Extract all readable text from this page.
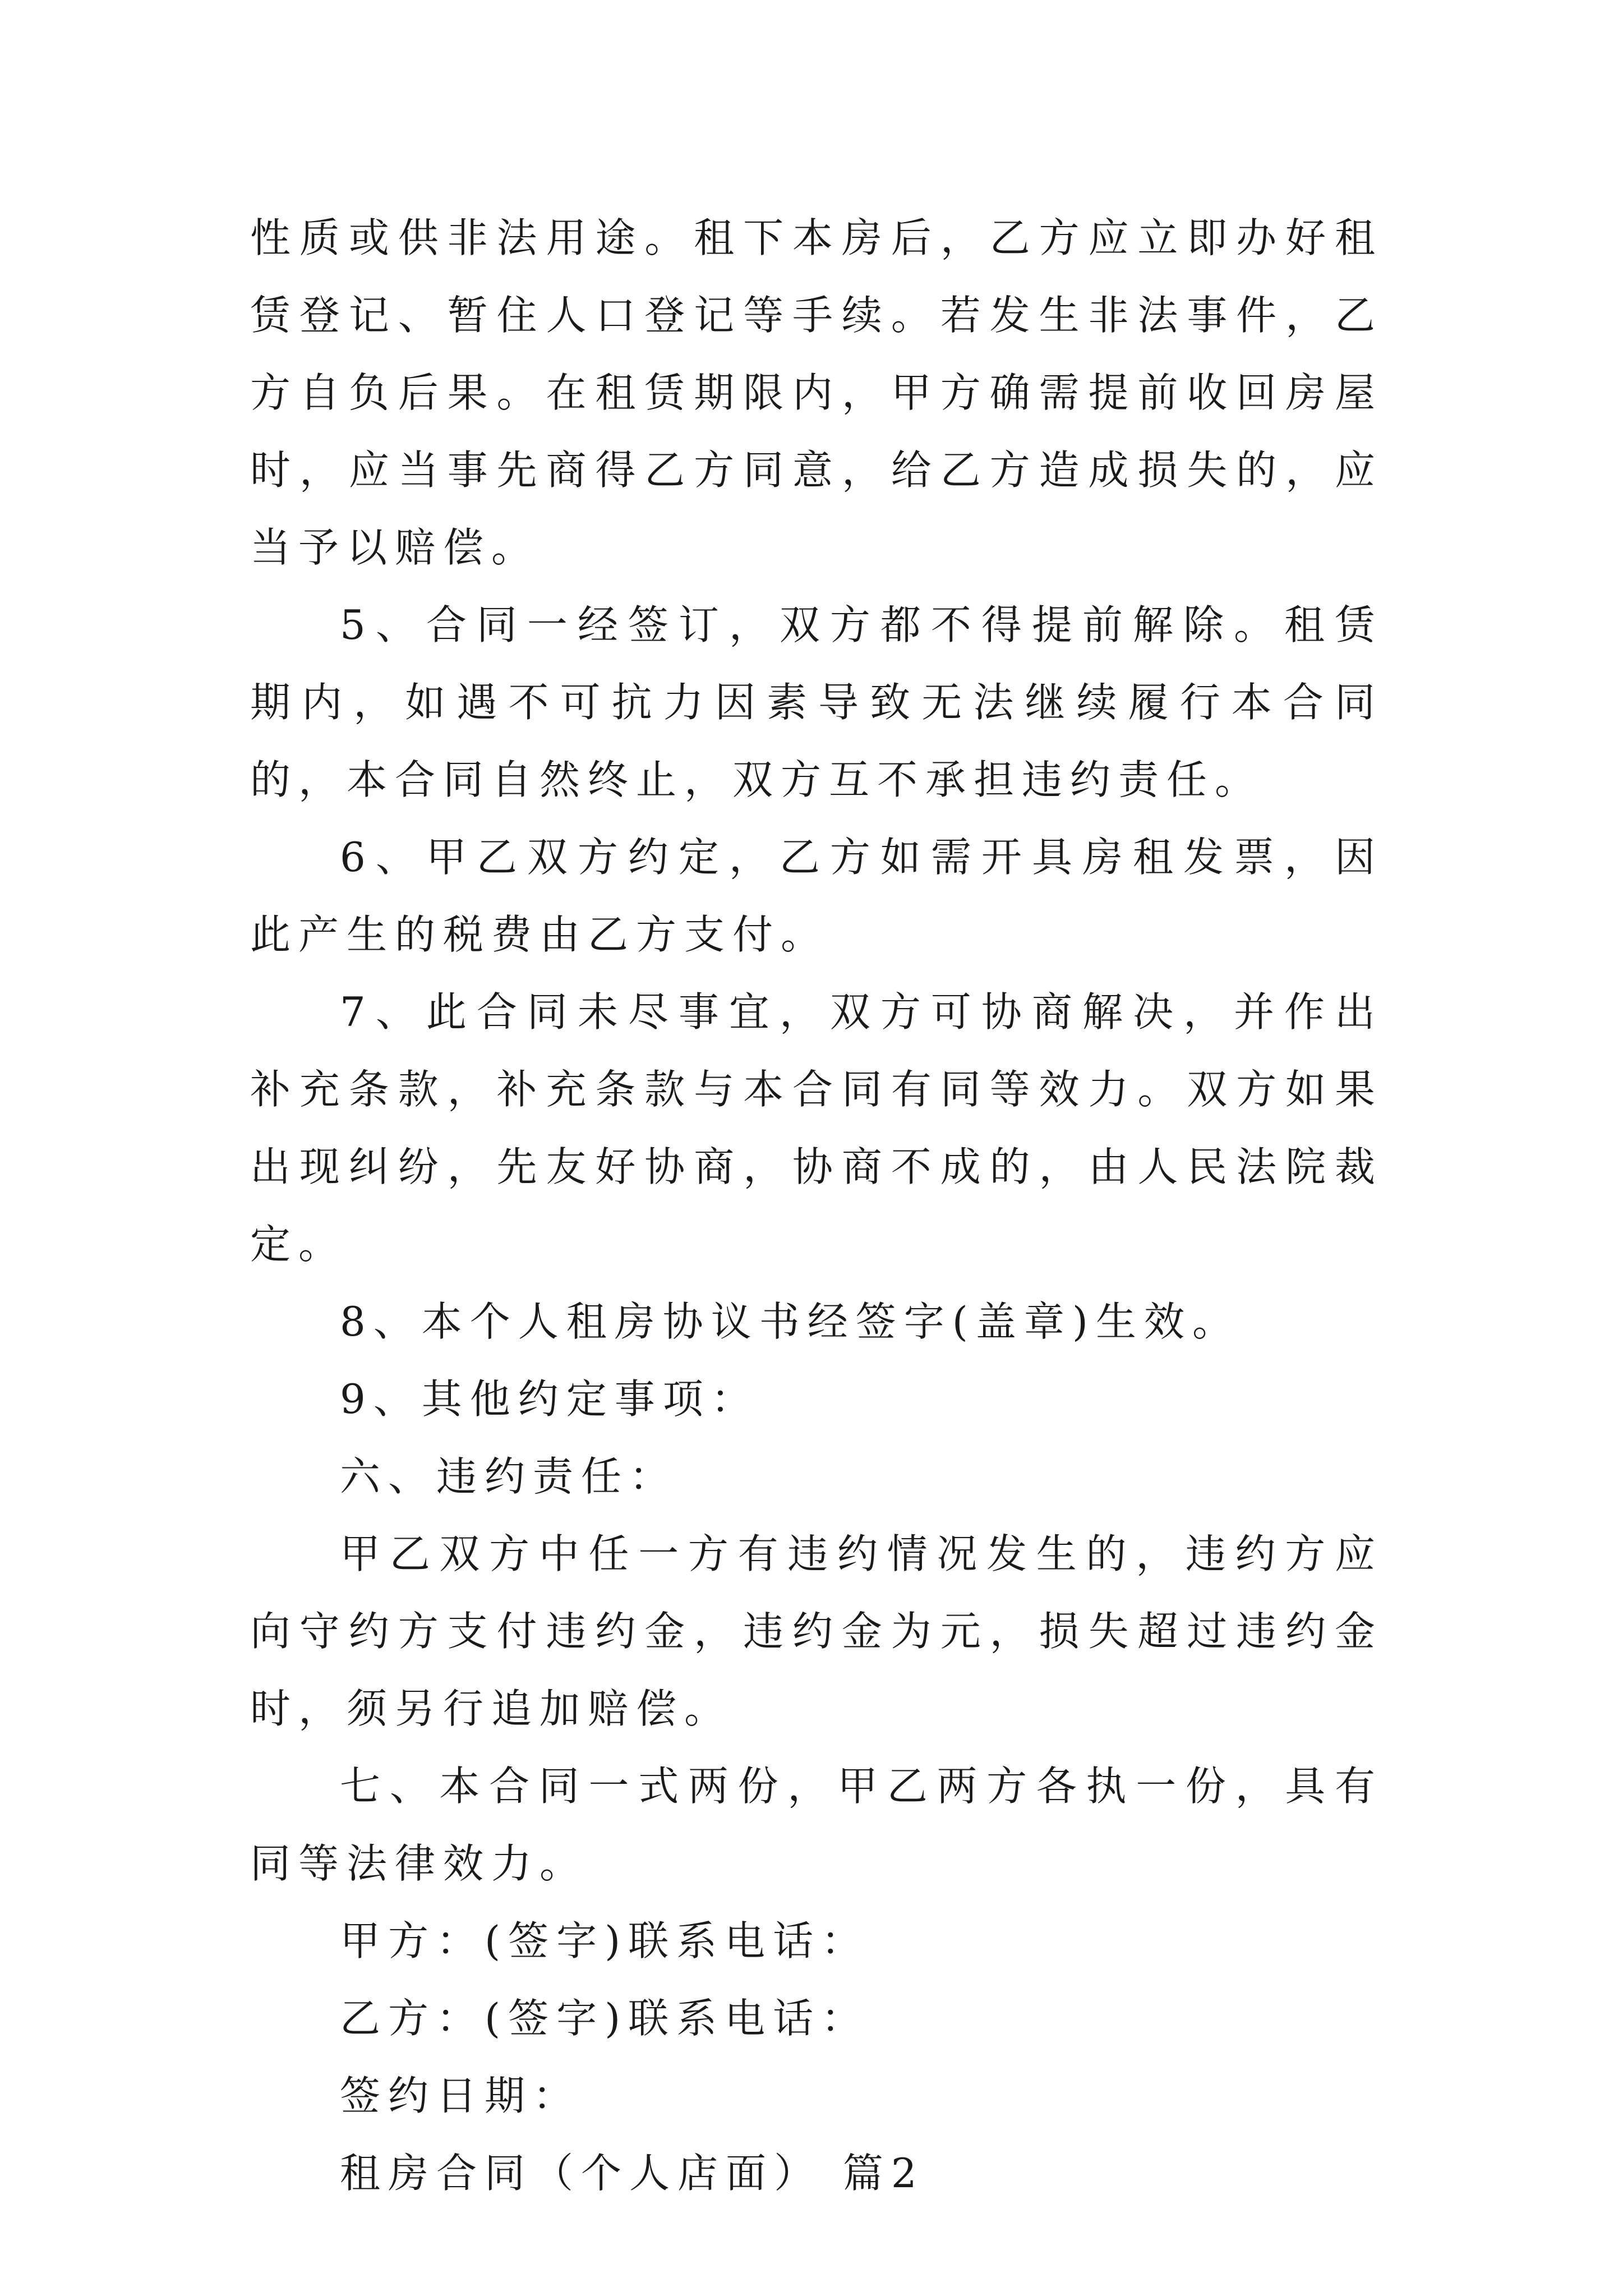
性质或供非法用途。租下本房后，乙方应立即办好租赁登记、暂住人口登记等手续。若发生非法事件，乙方自负后果。在租赁期限内，甲方确需提前收回房屋时，应当事先商得乙方同意，给乙方造成损失的，应当予以赔偿。

5、合同一经签订，双方都不得提前解除。租赁期内，如遇不可抗力因素导致无法继续履行本合同的，本合同自然终止，双方互不承担违约责任。

6、甲乙双方约定，乙方如需开具房租发票，因此产生的税费由乙方支付。

7、此合同未尽事宜，双方可协商解决，并作出补充条款，补充条款与本合同有同等效力。双方如果出现纠纷，先友好协商，协商不成的，由人民法院裁定。

8、本个人租房协议书经签字(盖章)生效。

9、其他约定事项：

六、违约责任：

甲乙双方中任一方有违约情况发生的，违约方应向守约方支付违约金，违约金为元，损失超过违约金时，须另行追加赔偿。

七、本合同一式两份，甲乙两方各执一份，具有同等法律效力。

甲方：(签字)联系电话：

乙方：(签字)联系电话：

签约日期：

租房合同（个人店面） 篇2
